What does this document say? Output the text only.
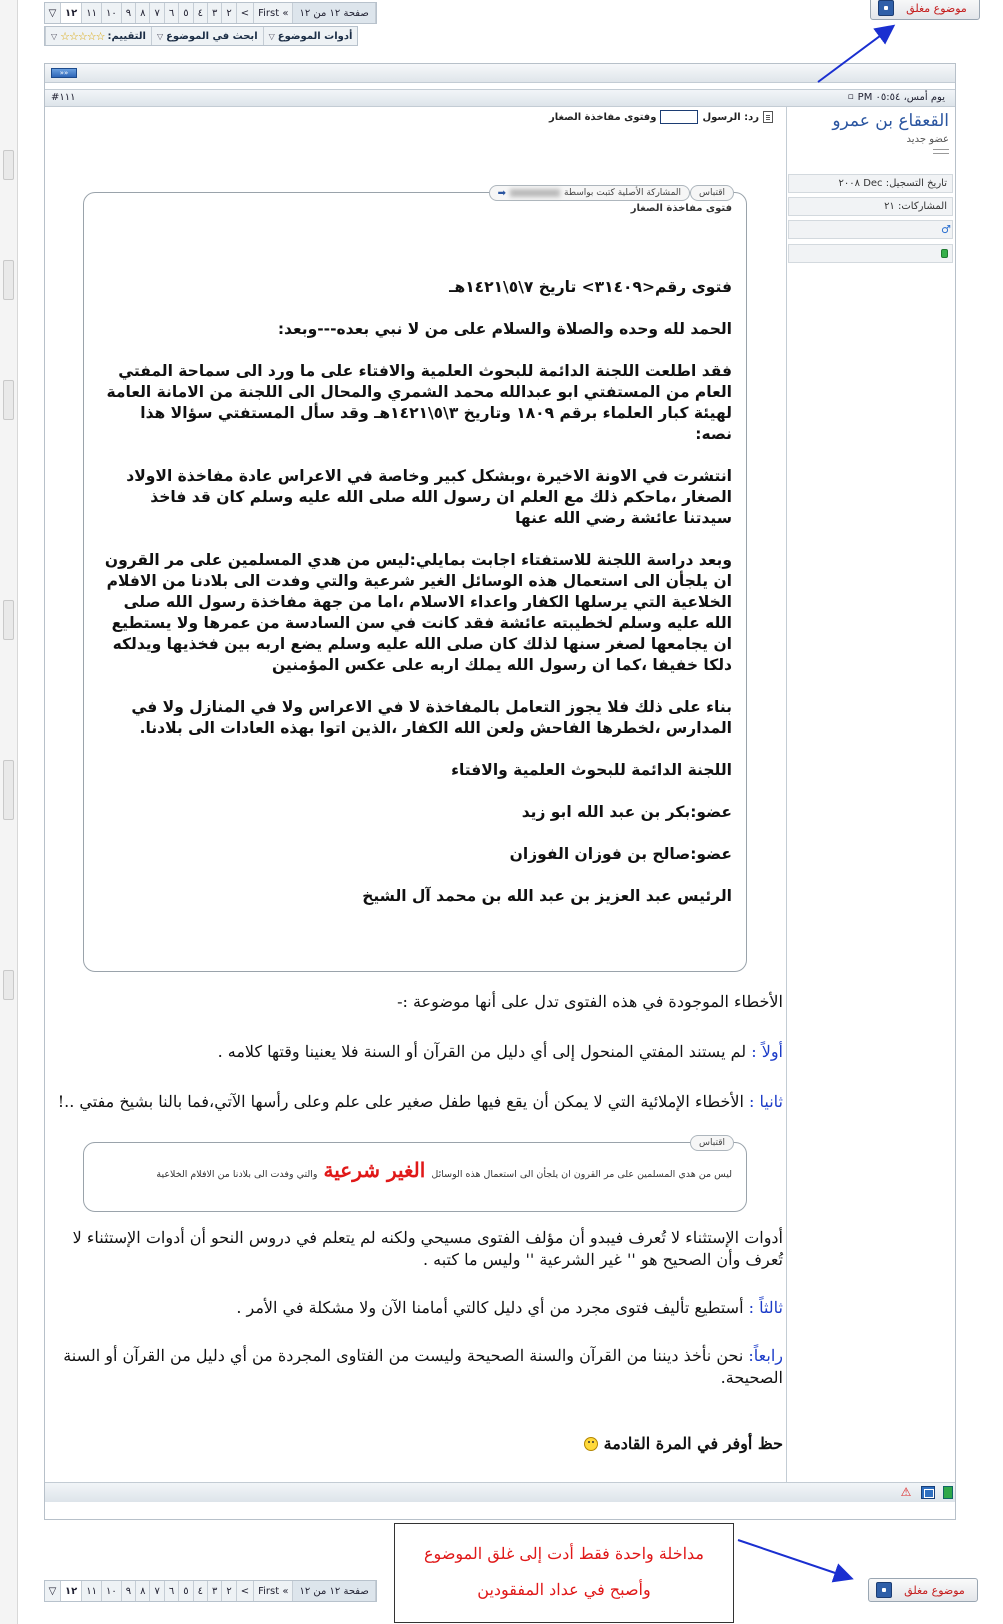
▽ ١٢ ١١ ١٠ ٩ ٨ ٧ ٦ ٥ ٤ ٣ ٢ < First «	صفحة ١٢ من ١٢	موضوع مغلق
أدوات الموضوع
▽
ابحث في الموضوع
▽
التقييم:
☆☆☆☆☆
▽
»»
#١١١	يوم أمس، ٠٥:٥٤ PM
▫
القعقاع بن عمرو
عضو جديد
تاريخ التسجيل: Dec ٢٠٠٨
المشاركات: ٢١
♂
رد: الرسول
وفتوى مفاخذة الصغار
اقتباس
المشاركة الأصلية كتبت بواسطة
➡
فتوى مفاخذة الصغار

فتوى رقم<٣١٤٠٩> تاريخ ٧\٥\١٤٢١هـ

الحمد لله وحده والصلاة والسلام على من لا نبي بعده---وبعد:

فقد اطلعت اللجنة الدائمة للبحوث العلمية والافتاء على ما ورد الى سماحة المفتي العام من المستفتي ابو عبدالله محمد الشمري والمحال الى اللجنة من الامانة العامة لهيئة كبار العلماء برقم ١٨٠٩ وتاريخ ٣\٥\١٤٢١هـ وقد سأل المستفتي سؤالا هذا نصه:

انتشرت في الاونة الاخيرة ،وبشكل كبير وخاصة في الاعراس عادة مفاخذة الاولاد الصغار ،ماحكم ذلك مع العلم ان رسول الله صلى الله عليه وسلم كان قد فاخذ سيدتنا عائشة رضي الله عنها

وبعد دراسة اللجنة للاستفتاء اجابت بمايلي:ليس من هدي المسلمين على مر القرون ان يلجأن الى استعمال هذه الوسائل الغير شرعية والتي وفدت الى بلادنا من الافلام الخلاعية التي يرسلها الكفار واعداء الاسلام ،اما من جهة مفاخذة رسول الله صلى الله عليه وسلم لخطيبته عائشة فقد كانت في سن السادسة من عمرها ولا يستطيع ان يجامعها لصغر سنها لذلك كان صلى الله عليه وسلم يضع اربه بين فخذيها ويدلكه دلكا خفيفا ،كما ان رسول الله يملك اربه على عكس المؤمنين

بناء على ذلك فلا يجوز التعامل بالمفاخذة لا في الاعراس ولا في المنازل ولا في المدارس ،لخطرها الفاحش ولعن الله الكفار ،الذين اتوا بهذه العادات الى بلادنا.

اللجنة الدائمة للبحوث العلمية والافتاء

عضو:بكر بن عبد الله ابو زيد

عضو:صالح بن فوزان الفوزان

الرئيس عبد العزيز بن عبد الله بن محمد آل الشيخ

الأخطاء الموجودة في هذه الفتوى تدل على أنها موضوعة :-

أولاً : لم يستند المفتي المنحول إلى أي دليل من القرآن أو السنة فلا يعنينا وقتها كلامه .

ثانيا : الأخطاء الإملائية التي لا يمكن أن يقع فيها طفل صغير على علم وعلى رأسها الآتي،فما بالنا بشيخ مفتي ..!

اقتباس
ليس من هدي المسلمين على مر القرون ان يلجأن الى استعمال هذه الوسائل الغير شرعية والتي وفدت الى بلادنا من الافلام الخلاعية

أدوات الإستثناء لا تُعرف فيبدو أن مؤلف الفتوى مسيحي ولكنه لم يتعلم في دروس النحو أن أدوات الإستثناء لا تُعرف وأن الصحيح هو '' غير الشرعية '' وليس ما كتبه .

ثالثاً : أستطيع تأليف فتوى مجرد من أي دليل كالتي أمامنا الآن ولا مشكلة في الأمر .

رابعاً: نحن نأخذ ديننا من القرآن والسنة الصحيحة وليست من الفتاوى المجردة من أي دليل من القرآن أو السنة الصحيحة.

حظ أوفر في المرة القادمة
⚠
▽ ١٢ ١١ ١٠ ٩ ٨ ٧ ٦ ٥ ٤ ٣ ٢ < First «	صفحة ١٢ من ١٢	موضوع مغلق
مداخلة واحدة فقط أدت إلى غلق الموضوع
وأصبح في عداد المفقودين
